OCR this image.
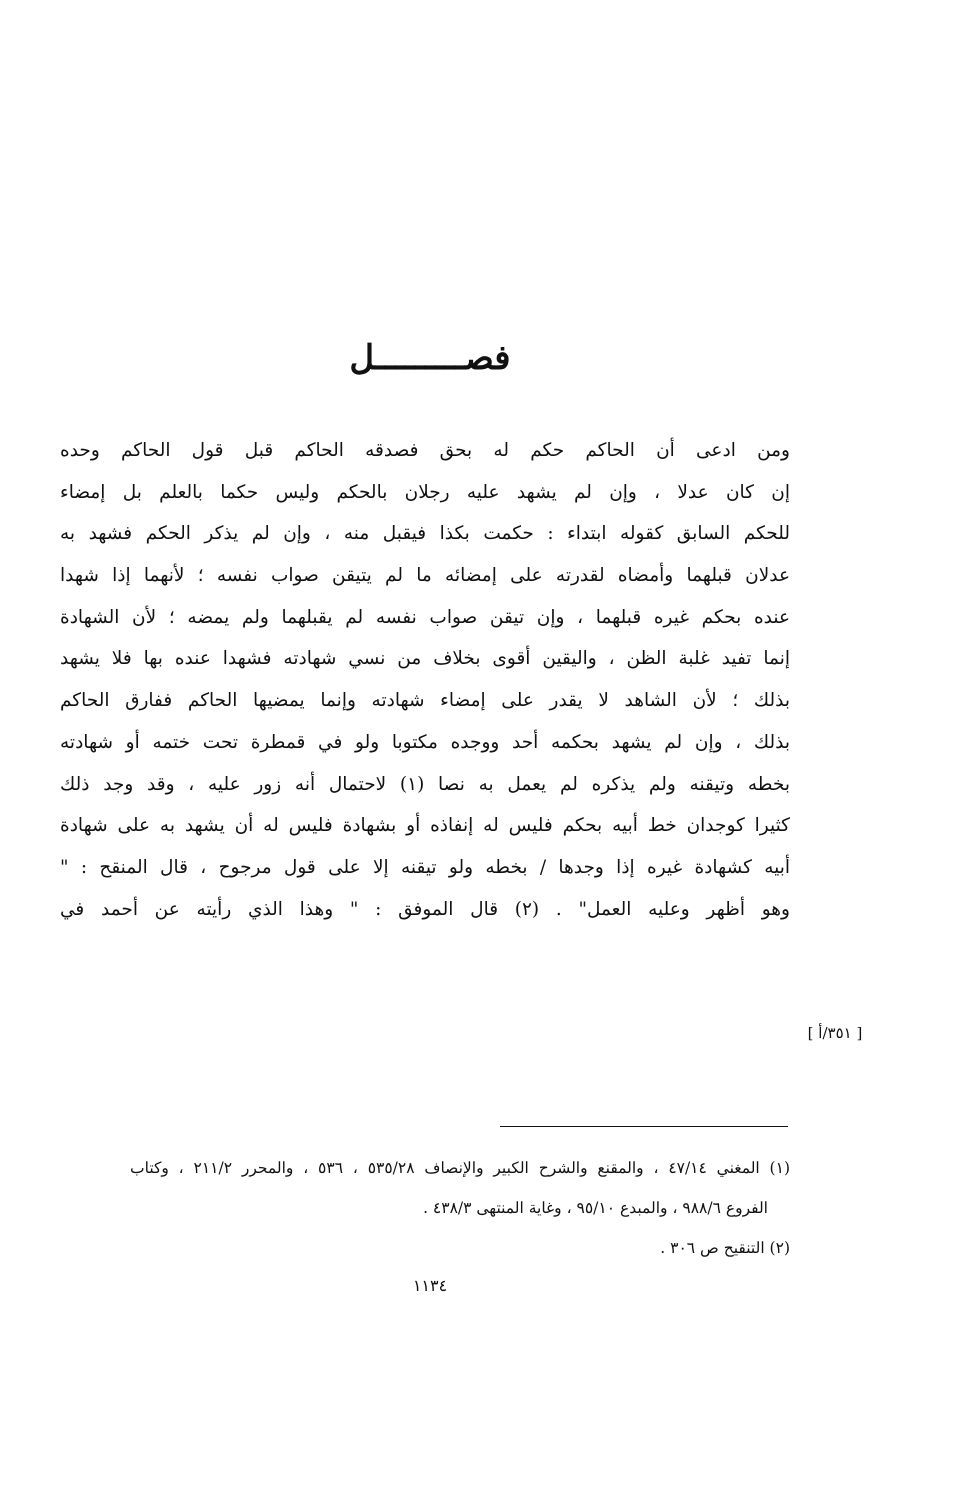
فصـــــــــل
ومن ادعى أن الحاكم حكم له بحق فصدقه الحاكم قبل قول الحاكم وحده
إن كان عدلا ، وإن لم يشهد عليه رجلان بالحكم وليس حكما بالعلم بل إمضاء
للحكم السابق كقوله ابتداء : حكمت بكذا فيقبل منه ، وإن لم يذكر الحكم فشهد به
عدلان قبلهما وأمضاه لقدرته على إمضائه ما لم يتيقن صواب نفسه ؛ لأنهما إذا شهدا
عنده بحكم غيره قبلهما ، وإن تيقن صواب نفسه لم يقبلهما ولم يمضه ؛ لأن الشهادة
إنما تفيد غلبة الظن ، واليقين أقوى بخلاف من نسي شهادته فشهدا عنده بها فلا يشهد
بذلك ؛ لأن الشاهد لا يقدر على إمضاء شهادته وإنما يمضيها الحاكم ففارق الحاكم
بذلك ، وإن لم يشهد بحكمه أحد ووجده مكتوبا ولو في قمطرة تحت ختمه أو شهادته
بخطه وتيقنه ولم يذكره لم يعمل به نصا (١) لاحتمال أنه زور عليه ، وقد وجد ذلك
كثيرا كوجدان خط أبيه بحكم فليس له إنفاذه أو بشهادة فليس له أن يشهد به على شهادة
أبيه كشهادة غيره إذا وجدها / بخطه ولو تيقنه إلا على قول مرجوح ، قال المنقح : "
وهو أظهر وعليه العمل" . (٢) قال الموفق : " وهذا الذي رأيته عن أحمد في
[ ٣٥١/أ ]
(١) المغني ٤٧/١٤ ، والمقنع والشرح الكبير والإنصاف ٥٣٥/٢٨ ، ٥٣٦ ، والمحرر ٢١١/٢ ، وكتاب
الفروع ٩٨٨/٦ ، والمبدع ٩٥/١٠ ، وغاية المنتهى ٤٣٨/٣ .
(٢) التنقيح ص ٣٠٦ .
١١٣٤
